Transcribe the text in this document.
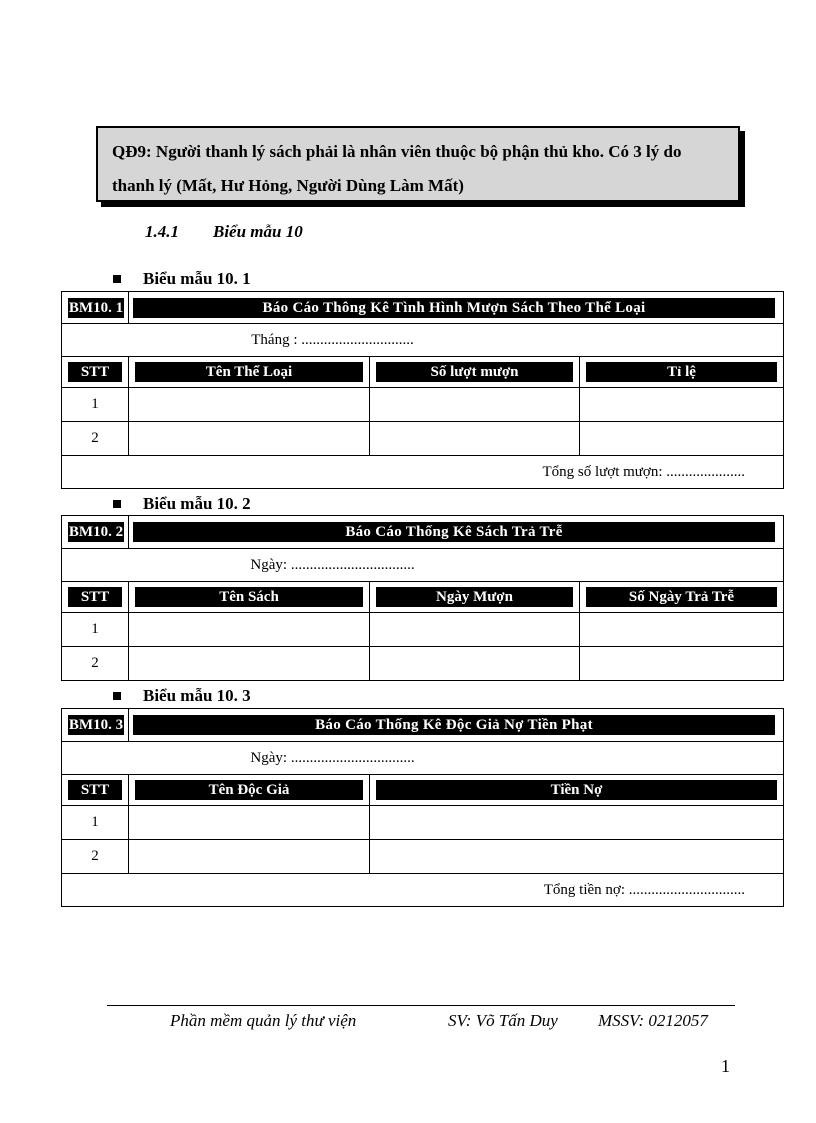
QĐ9: Người thanh lý sách phải là nhân viên thuộc bộ phận thủ kho. Có 3 lý do thanh lý (Mất, Hư Hỏng, Người Dùng Làm Mất)
1.4.1 Biểu mẫu 10
Biểu mẫu 10. 1
BM10. 1	Báo Cáo Thông Kê Tình Hình Mượn Sách Theo Thể Loại		

Tháng : ..............................			

STT	Tên Thể Loại	Số lượt mượn	Tỉ lệ

1			
2			
Tổng số lượt mượn: .....................			
Biểu mẫu 10. 2
BM10. 2	Báo Cáo Thống Kê Sách Trả Trễ		

Ngày: .................................			

STT	Tên Sách	Ngày Mượn	Số Ngày Trả Trễ

1			
2			
Biểu mẫu 10. 3
BM10. 3	Báo Cáo Thống Kê Độc Giả Nợ Tiền Phạt	

Ngày: .................................		

STT	Tên Độc Giả	Tiền Nợ

1		
2		
Tổng tiền nợ: ...............................		
Phần mềm quản lý thư viện	SV: Võ Tấn Duy MSSV: 0212057
1
